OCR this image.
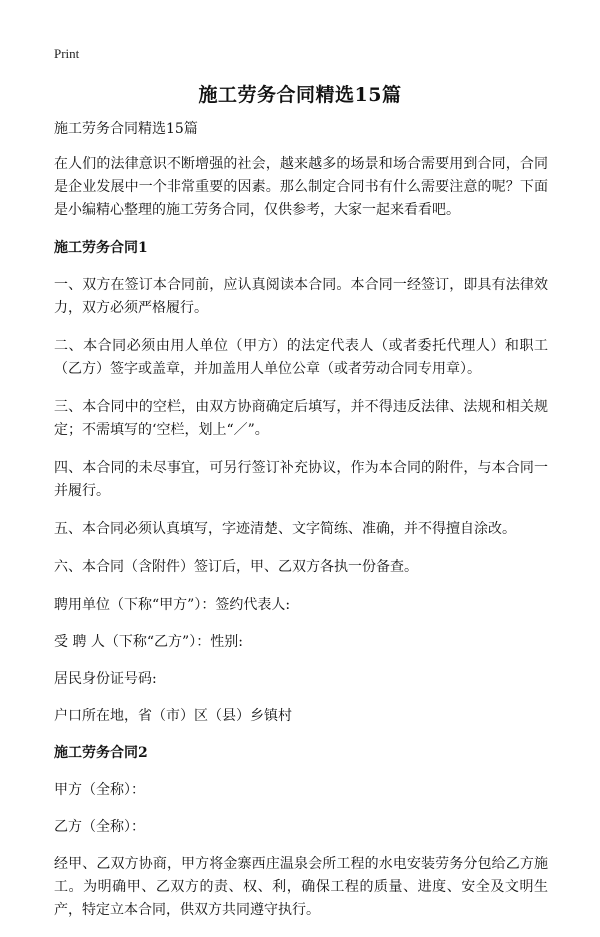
Print
施工劳务合同精选15篇

施工劳务合同精选15篇

在人们的法律意识不断增强的社会，越来越多的场景和场合需要用到合同，合同是企业发展中一个非常重要的因素。那么制定合同书有什么需要注意的呢？下面是小编精心整理的施工劳务合同，仅供参考，大家一起来看看吧。

施工劳务合同1

一、双方在签订本合同前，应认真阅读本合同。本合同一经签订，即具有法律效力，双方必须严格履行。

二、本合同必须由用人单位（甲方）的法定代表人（或者委托代理人）和职工（乙方）签字或盖章，并加盖用人单位公章（或者劳动合同专用章）。

三、本合同中的空栏，由双方协商确定后填写，并不得违反法律、法规和相关规定；不需填写的‘空栏，划上“／”。

四、本合同的未尽事宜，可另行签订补充协议，作为本合同的附件，与本合同一并履行。

五、本合同必须认真填写，字迹清楚、文字简练、准确，并不得擅自涂改。

六、本合同（含附件）签订后，甲、乙双方各执一份备查。

聘用单位（下称“甲方”）：签约代表人:

受 聘 人（下称“乙方”）：性别:

居民身份证号码:

户口所在地，省（市）区（县）乡镇村

施工劳务合同2

甲方（全称）：

乙方（全称）：

经甲、乙双方协商，甲方将金寨西庄温泉会所工程的水电安装劳务分包给乙方施工。为明确甲、乙双方的责、权、利，确保工程的质量、进度、安全及文明生产，特定立本合同，供双方共同遵守执行。
